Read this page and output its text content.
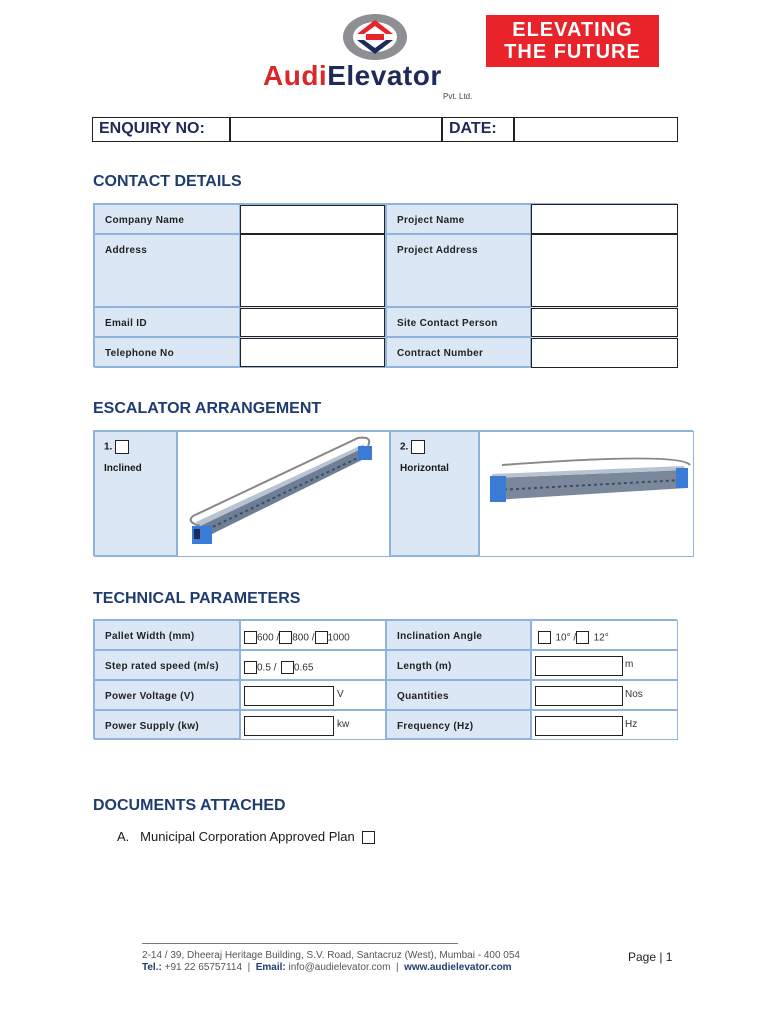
AudiElevator
Pvt. Ltd.
ELEVATING
THE FUTURE
ENQUIRY NO:	DATE:
CONTACT DETAILS
Company Name
Address
Email ID
Telephone No
Project Name
Project Address
Site Contact Person
Contract Number
ESCALATOR ARRANGEMENT
1.
Inclined
2.
Horizontal
TECHNICAL PARAMETERS
Pallet Width (mm)
Step rated speed (m/s)
Power Voltage (V)
Power Supply (kw)
600 / 800 / 1000
0.5 / 0.65
V
kw
Inclination Angle
Length (m)
Quantities
Frequency (Hz)
10° / 12°
m
Nos
Hz
DOCUMENTS ATTACHED
A. Municipal Corporation Approved Plan
2-14 / 39, Dheeraj Heritage Building, S.V. Road, Santacruz (West), Mumbai - 400 054
Tel.: +91 22 65757114  |  Email: info@audielevator.com  |  www.audielevator.com
Page | 1
